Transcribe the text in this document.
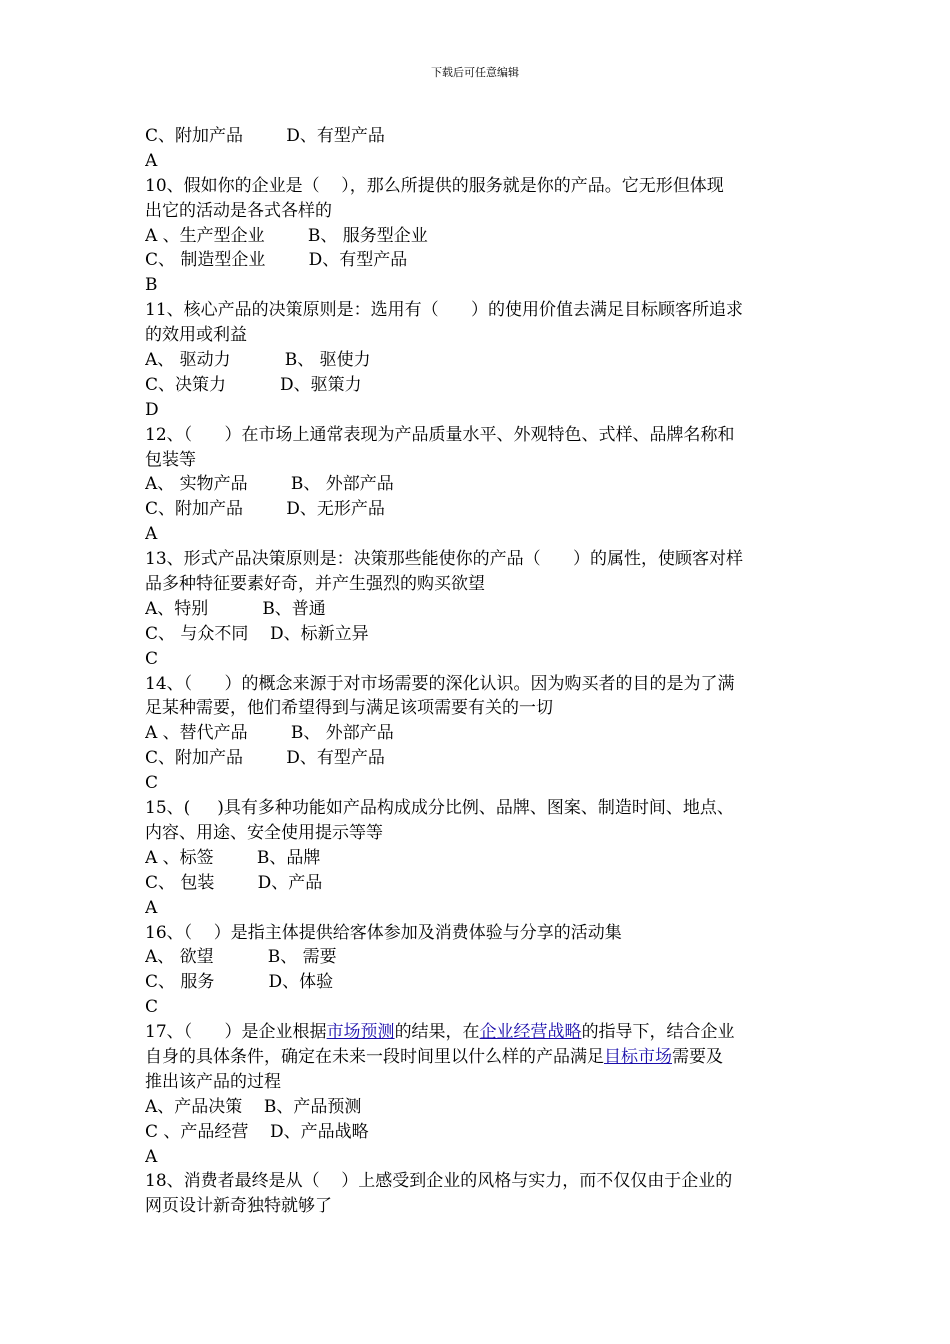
下载后可任意编辑
C、附加产品        D、有型产品
A
10、假如你的企业是（    ），那么所提供的服务就是你的产品。它无形但体现
出它的活动是各式各样的
A 、生产型企业        B、 服务型企业
C、 制造型企业        D、有型产品
B
11、核心产品的决策原则是：选用有（      ）的使用价值去满足目标顾客所追求
的效用或利益
A、 驱动力          B、 驱使力
C、决策力          D、驱策力
D
12、（      ）在市场上通常表现为产品质量水平、外观特色、式样、品牌名称和
包装等
A、 实物产品        B、 外部产品
C、附加产品        D、无形产品
A
13、形式产品决策原则是：决策那些能使你的产品（      ）的属性，使顾客对样
品多种特征要素好奇，并产生强烈的购买欲望
A、特别          B、普通
C、 与众不同    D、标新立异
C
14、（      ）的概念来源于对市场需要的深化认识。因为购买者的目的是为了满
足某种需要，他们希望得到与满足该项需要有关的一切
A 、替代产品        B、 外部产品
C、附加产品        D、有型产品
C
15、(     )具有多种功能如产品构成成分比例、品牌、图案、制造时间、地点、
内容、用途、安全使用提示等等
A 、标签        B、品牌
C、 包装        D、产品
A
16、（    ）是指主体提供给客体参加及消费体验与分享的活动集
A、 欲望          B、 需要
C、 服务          D、体验
C
17、（      ）是企业根据市场预测的结果，在企业经营战略的指导下，结合企业
自身的具体条件，确定在未来一段时间里以什么样的产品满足目标市场需要及
推出该产品的过程
A、产品决策    B、产品预测
C 、产品经营    D、产品战略
A
18、消费者最终是从（    ）上感受到企业的风格与实力，而不仅仅由于企业的
网页设计新奇独特就够了
